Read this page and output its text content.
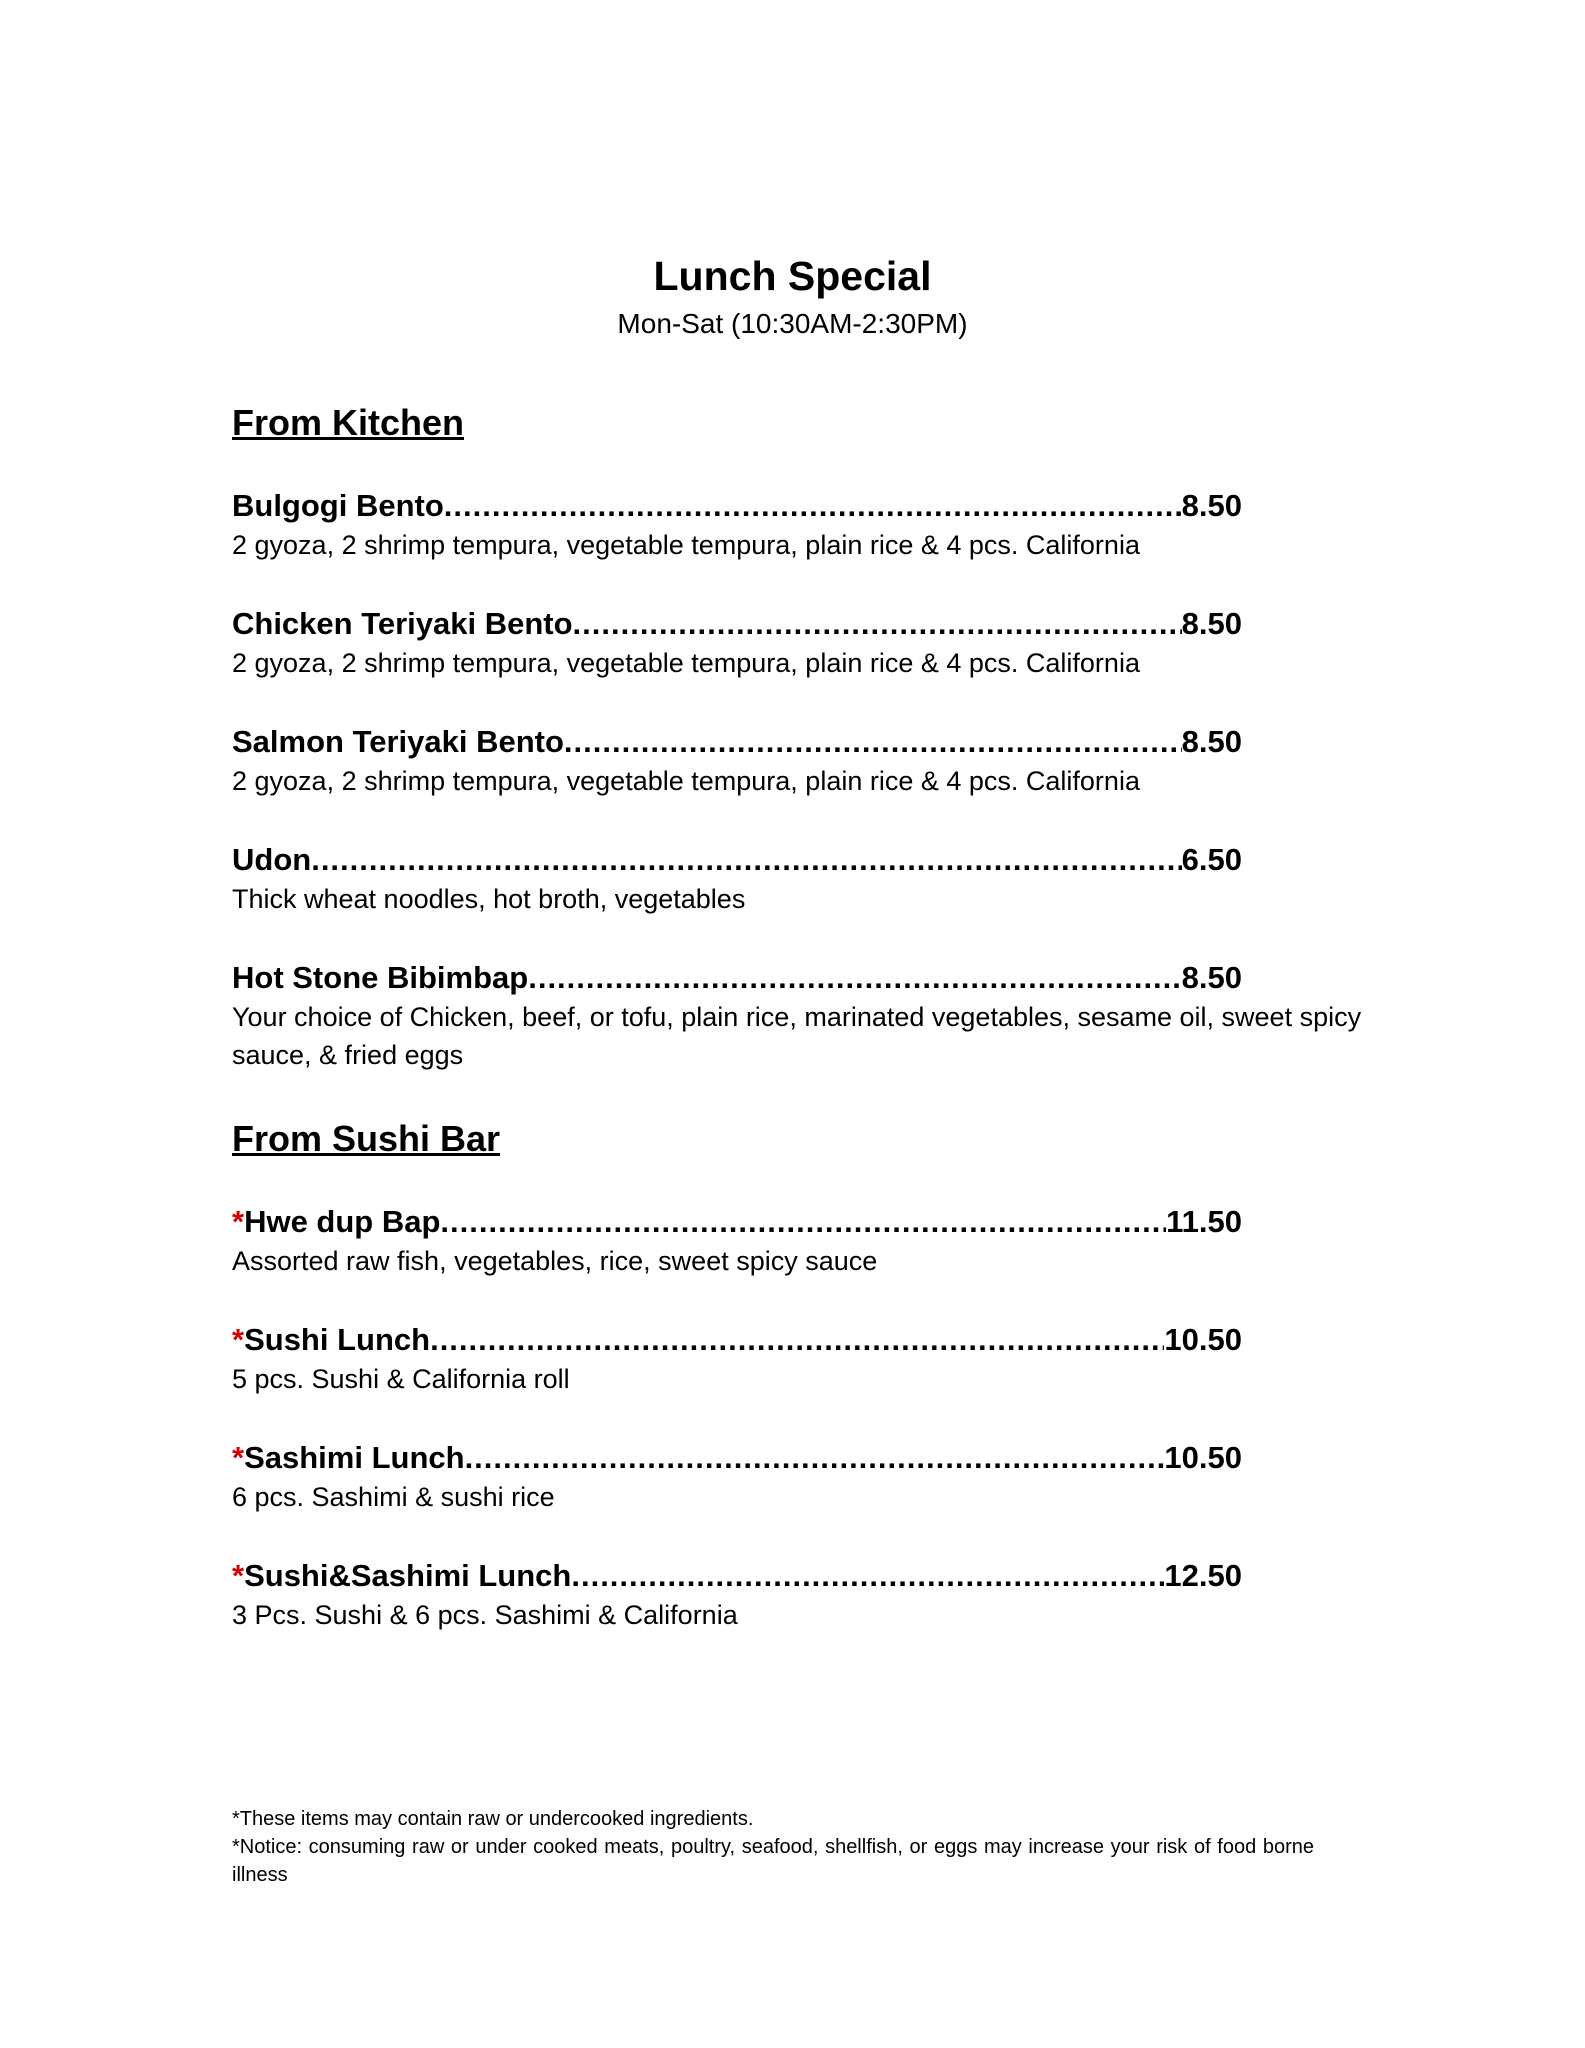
Lunch Special
Mon-Sat (10:30AM-2:30PM)
From Kitchen
Bulgogi Bento .....	8.50
2 gyoza, 2 shrimp tempura, vegetable tempura, plain rice & 4 pcs. California
Chicken Teriyaki Bento .....	8.50
2 gyoza, 2 shrimp tempura, vegetable tempura, plain rice & 4 pcs. California
Salmon Teriyaki Bento .....	8.50
2 gyoza, 2 shrimp tempura, vegetable tempura, plain rice & 4 pcs. California
Udon .....	6.50
Thick wheat noodles, hot broth, vegetables
Hot Stone Bibimbap .....	8.50
Your choice of Chicken, beef, or tofu, plain rice, marinated vegetables, sesame oil, sweet spicy sauce, & fried eggs
From Sushi Bar
*Hwe dup Bap .....	11.50
Assorted raw fish, vegetables, rice, sweet spicy sauce
*Sushi Lunch .....	10.50
5 pcs. Sushi & California roll
*Sashimi Lunch .....	10.50
6 pcs. Sashimi & sushi rice
*Sushi&Sashimi Lunch .....	12.50
3 Pcs. Sushi & 6 pcs. Sashimi & California
*These items may contain raw or undercooked ingredients.
*Notice: consuming raw or under cooked meats, poultry, seafood, shellfish, or eggs may increase your risk of food borne illness
